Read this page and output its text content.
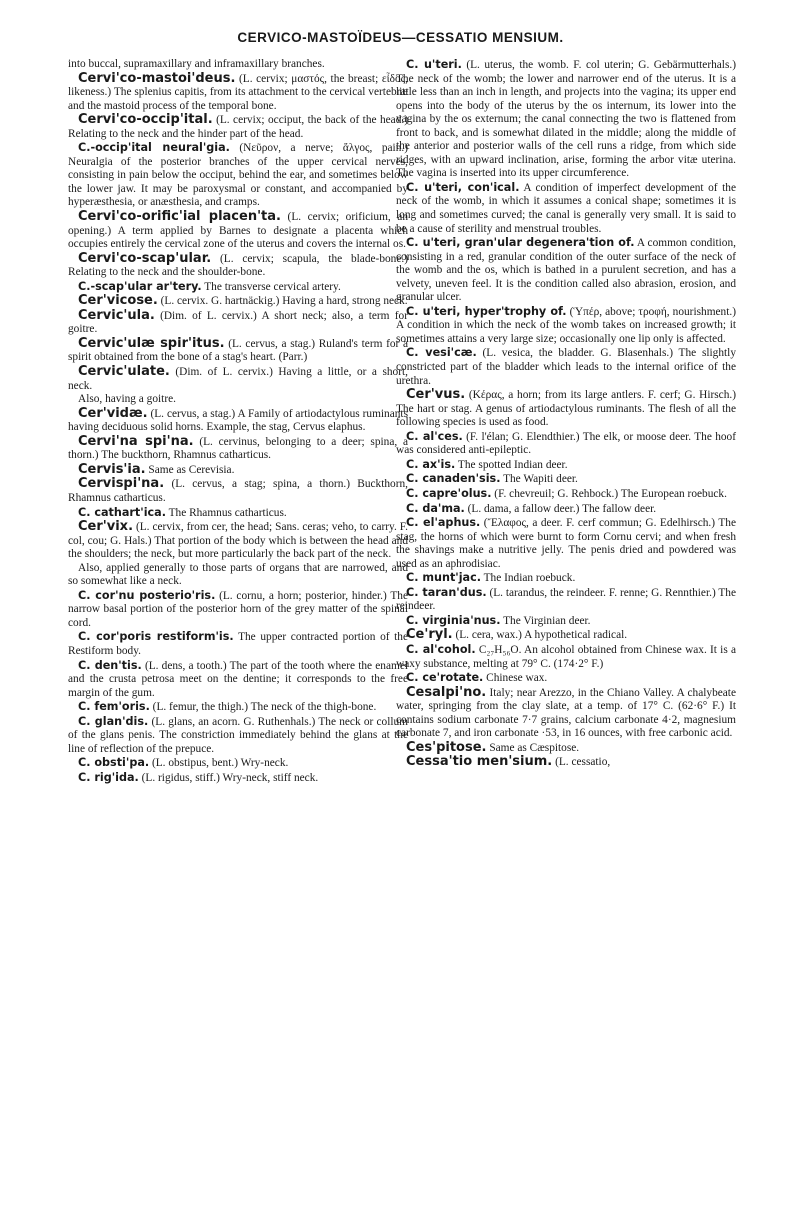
CERVICO-MASTOÏDEUS—CESSATIO MENSIUM.

into buccal, supramaxillary and inframaxillary branches.

Cervi'co-mastoi'deus. (L. cervix; μαστός, the breast; εἶδος, likeness.) The splenius capitis, from its attachment to the cervical vertebræ and the mastoid process of the temporal bone.

Cervi'co-occip'ital. (L. cervix; occiput, the back of the head.) Relating to the neck and the hinder part of the head.

C.-occip'ital neural'gia. (Νεῦρον, a nerve; ἄλγος, pain.) Neuralgia of the posterior branches of the upper cervical nerves, consisting in pain below the occiput, behind the ear, and sometimes below the lower jaw. It may be paroxysmal or constant, and accompanied by hyperæsthesia, or anæsthesia, and cramps.

Cervi'co-orific'ial placen'ta. (L. cervix; orificium, an opening.) A term applied by Barnes to designate a placenta which occupies entirely the cervical zone of the uterus and covers the internal os.

Cervi'co-scap'ular. (L. cervix; scapula, the blade-bone.) Relating to the neck and the shoulder-bone.

C.-scap'ular ar'tery. The transverse cervical artery.

Cer'vicose. (L. cervix. G. hartnäckig.) Having a hard, strong neck.

Cervic'ula. (Dim. of L. cervix.) A short neck; also, a term for goitre.

Cervic'ulæ spir'itus. (L. cervus, a stag.) Ruland's term for a spirit obtained from the bone of a stag's heart. (Parr.)

Cervic'ulate. (Dim. of L. cervix.) Having a little, or a short, neck.

Also, having a goitre.

Cer'vidæ. (L. cervus, a stag.) A Family of artiodactylous ruminants having deciduous solid horns. Example, the stag, Cervus elaphus.

Cervi'na spi'na. (L. cervinus, belonging to a deer; spina, a thorn.) The buckthorn, Rhamnus catharticus.

Cervis'ia. Same as Cerevisia.

Cervispi'na. (L. cervus, a stag; spina, a thorn.) Buckthorn, Rhamnus catharticus.

C. cathart'ica. The Rhamnus catharticus.

Cer'vix. (L. cervix, from cer, the head; Sans. ceras; veho, to carry. F. col, cou; G. Hals.) That portion of the body which is between the head and the shoulders; the neck, but more particularly the back part of the neck.

Also, applied generally to those parts of organs that are narrowed, and so somewhat like a neck.

C. cor'nu posterio'ris. (L. cornu, a horn; posterior, hinder.) The narrow basal portion of the posterior horn of the grey matter of the spinal cord.

C. cor'poris restiform'is. The upper contracted portion of the Restiform body.

C. den'tis. (L. dens, a tooth.) The part of the tooth where the enamel and the crusta petrosa meet on the dentine; it corresponds to the free margin of the gum.

C. fem'oris. (L. femur, the thigh.) The neck of the thigh-bone.

C. glan'dis. (L. glans, an acorn. G. Ruthenhals.) The neck or collum of the glans penis. The constriction immediately behind the glans at the line of reflection of the prepuce.

C. obsti'pa. (L. obstipus, bent.) Wry-neck.

C. rig'ida. (L. rigidus, stiff.) Wry-neck, stiff neck.

C. u'teri. (L. uterus, the womb. F. col uterin; G. Gebärmutterhals.) The neck of the womb; the lower and narrower end of the uterus. It is a little less than an inch in length, and projects into the vagina; its upper end opens into the body of the uterus by the os internum, its lower into the vagina by the os externum; the canal connecting the two is flattened from front to back, and is somewhat dilated in the middle; along the middle of the anterior and posterior walls of the cell runs a ridge, from which side ridges, with an upward inclination, arise, forming the arbor vitæ uterina. The vagina is inserted into its upper circumference.

C. u'teri, con'ical. A condition of imperfect development of the neck of the womb, in which it assumes a conical shape; sometimes it is long and sometimes curved; the canal is generally very small. It is said to be a cause of sterility and menstrual troubles.

C. u'teri, gran'ular degenera'tion of. A common condition, consisting in a red, granular condition of the outer surface of the neck of the womb and the os, which is bathed in a purulent secretion, and has a velvety, uneven feel. It is the condition called also abrasion, erosion, and granular ulcer.

C. u'teri, hyper'trophy of. (Ὑπέρ, above; τροφή, nourishment.) A condition in which the neck of the womb takes on increased growth; it sometimes attains a very large size; occasionally one lip only is affected.

C. vesi'cæ. (L. vesica, the bladder. G. Blasenhals.) The slightly constricted part of the bladder which leads to the internal orifice of the urethra.

Cer'vus. (Κέρας, a horn; from its large antlers. F. cerf; G. Hirsch.) The hart or stag. A genus of artiodactylous ruminants. The flesh of all the following species is used as food.

C. al'ces. (F. l'élan; G. Elendthier.) The elk, or moose deer. The hoof was considered anti-epileptic.

C. ax'is. The spotted Indian deer.

C. canaden'sis. The Wapiti deer.

C. capre'olus. (F. chevreuil; G. Rehbock.) The European roebuck.

C. da'ma. (L. dama, a fallow deer.) The fallow deer.

C. el'aphus. (Ἔλαφος, a deer. F. cerf commun; G. Edelhirsch.) The stag, the horns of which were burnt to form Cornu cervi; and when fresh the shavings make a nutritive jelly. The penis dried and powdered was used as an aphrodisiac.

C. munt'jac. The Indian roebuck.

C. taran'dus. (L. tarandus, the reindeer. F. renne; G. Rennthier.) The reindeer.

C. virginia'nus. The Virginian deer.

Ce'ryl. (L. cera, wax.) A hypothetical radical.

C. al'cohol. C₂₇H₅₆O. An alcohol obtained from Chinese wax. It is a waxy substance, melting at 79° C. (174·2° F.)

C. ce'rotate. Chinese wax.

Cesalpi'no. Italy; near Arezzo, in the Chiano Valley. A chalybeate water, springing from the clay slate, at a temp. of 17° C. (62·6° F.) It contains sodium carbonate 7·7 grains, calcium carbonate 4·2, magnesium carbonate 7, and iron carbonate ·53, in 16 ounces, with free carbonic acid.

Ces'pitose. Same as Cæspitose.

Cessa'tio men'sium. (L. cessatio,
